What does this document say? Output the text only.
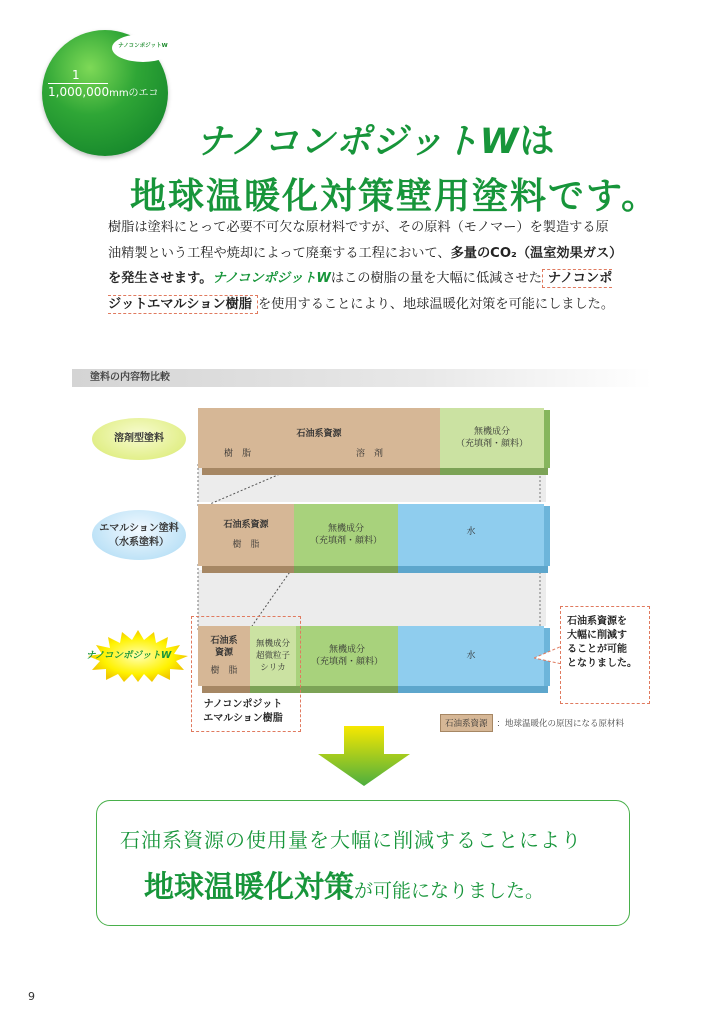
ナノコンポジットW
1
1,000,000mmのエコ
ナノコンポジットWは
地球温暖化対策壁用塗料です。
樹脂は塗料にとって必要不可欠な原材料ですが、その原料（モノマー）を製造する原油精製という工程や焼却によって廃棄する工程において、多量のCO₂（温室効果ガス）を発生させます。ナノコンポジットWはこの樹脂の量を大幅に低減させた ナノコンポジットエマルション樹脂 を使用することにより、地球温暖化対策を可能にしました。
塗料の内容物比較
溶剤型塗料
エマルション塗料
（水系塗料）
ナノコンポジットW
石油系資源
樹　脂	溶　剤
無機成分
（充填剤・顔料）
石油系資源
樹　脂
無機成分
（充填剤・顔料）
水
石油系
資源
樹　脂
無機成分
超微粒子
シリカ
無機成分
（充填剤・顔料）
水
ナノコンポジット
エマルション樹脂
石油系資源を
大幅に削減す
ることが可能
となりました。
石油系資源 ：地球温暖化の原因になる原材料
石油系資源の使用量を大幅に削減することにより
地球温暖化対策が可能になりました。
9
